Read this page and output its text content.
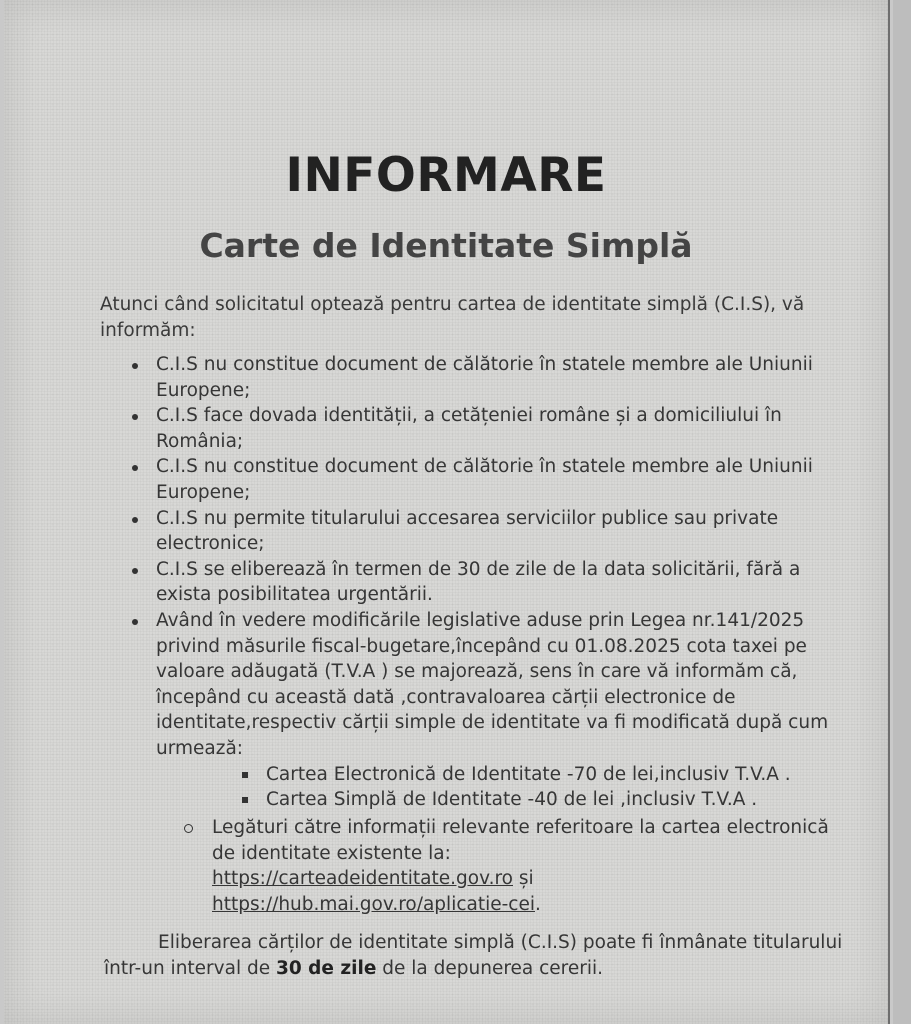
INFORMARE
Carte de Identitate Simplă

Atunci când solicitatul optează pentru cartea de identitate simplă (C.I.S), vă informăm:

C.I.S nu constitue document de călătorie în statele membre ale Uniunii Europene;
C.I.S face dovada identității, a cetățeniei române și a domiciliului în România;
C.I.S nu constitue document de călătorie în statele membre ale Uniunii Europene;
C.I.S nu permite titularului accesarea serviciilor publice sau private electronice;
C.I.S se eliberează în termen de 30 de zile de la data solicitării, fără a exista posibilitatea urgentării.
Având în vedere modificările legislative aduse prin Legea nr.141/2025 privind măsurile fiscal-bugetare,începând cu 01.08.2025 cota taxei pe valoare adăugată (T.V.A ) se majorează, sens în care vă informăm că, începând cu această dată ,contravaloarea cărții electronice de identitate,respectiv cărții simple de identitate va fi modificată după cum urmează:
Cartea Electronică de Identitate -70 de lei,inclusiv T.V.A .
Cartea Simplă de Identitate -40 de lei ,inclusiv T.V.A .

Legături către informații relevante referitoare la cartea electronică de identitate existente la:
https://carteadeidentitate.gov.ro și
https://hub.mai.gov.ro/aplicatie-cei.

Eliberarea cărților de identitate simplă (C.I.S) poate fi înmânate titularului într-un interval de 30 de zile de la depunerea cererii.
